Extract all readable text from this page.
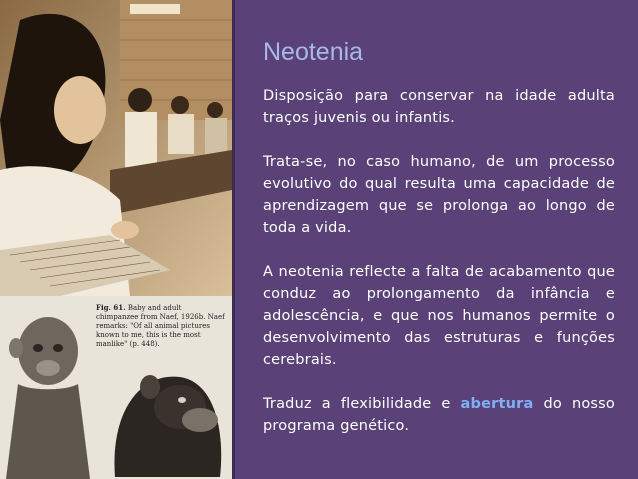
Fig. 61. Baby and adult chimpanzee from Naef, 1926b. Naef remarks: "Of all animal pictures known to me, this is the most manlike" (p. 448).
Neotenia

Disposição para conservar na idade adulta traços juvenis ou infantis.

Trata-se, no caso humano, de um processo evolutivo do qual resulta uma capacidade de aprendizagem que se prolonga ao longo de toda a vida.

A neotenia reflecte a falta de acabamento que conduz ao prolongamento da infância e adolescência, e que nos humanos permite o desenvolvimento das estruturas e funções cerebrais.

Traduz a flexibilidade e abertura do nosso programa genético.
